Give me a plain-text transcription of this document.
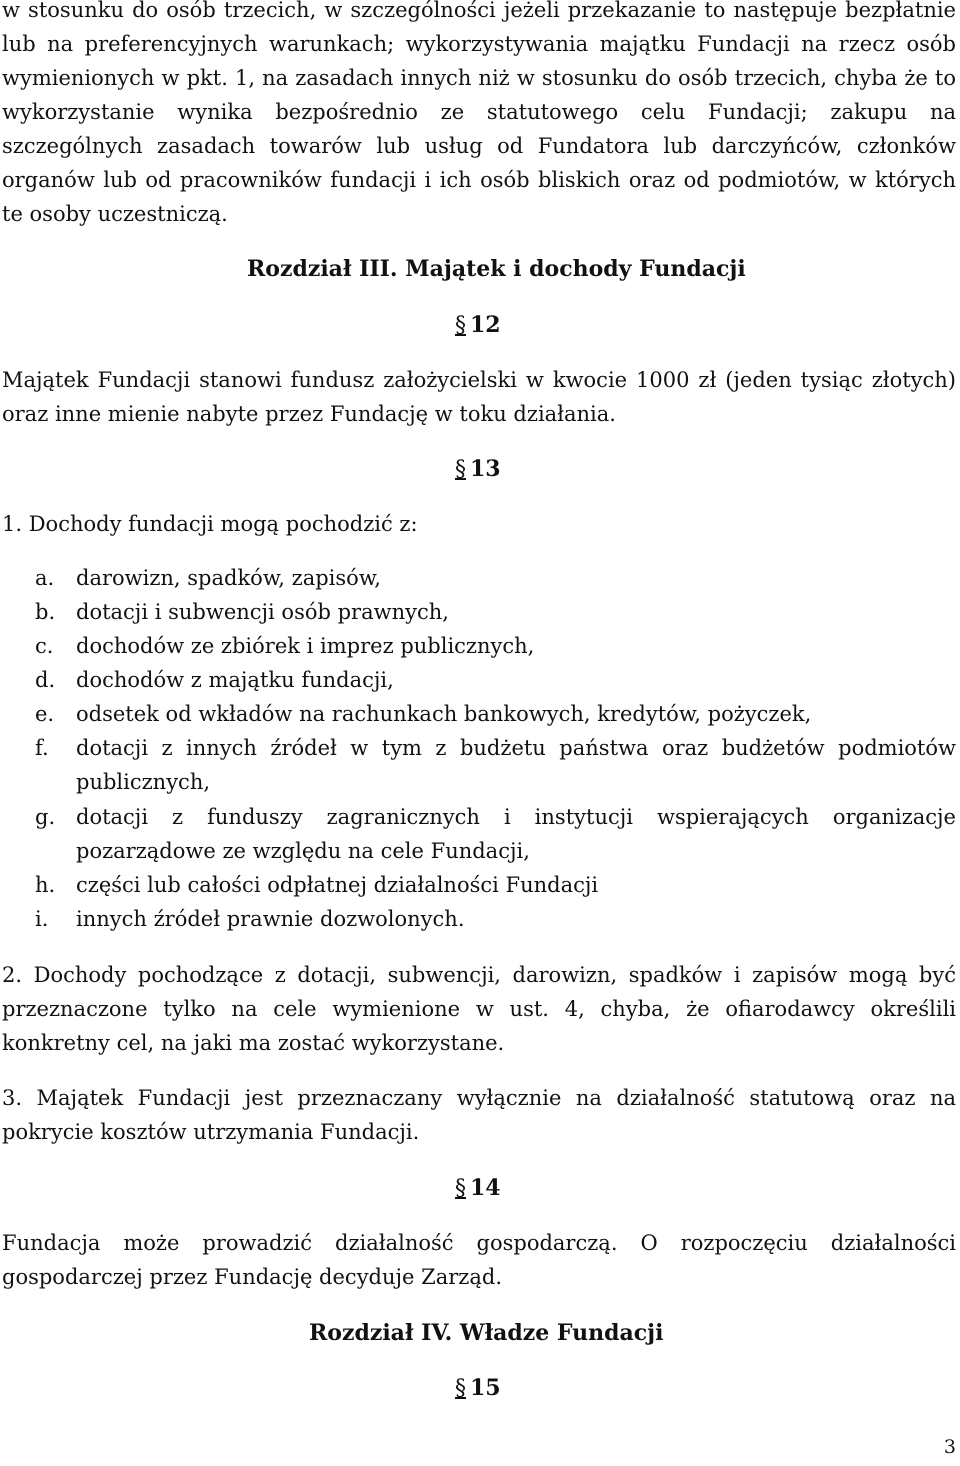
w stosunku do osób trzecich, w szczególności jeżeli przekazanie to następuje bezpłatnie
lub na preferencyjnych warunkach; wykorzystywania majątku Fundacji na rzecz osób
wymienionych w pkt. 1, na zasadach innych niż w stosunku do osób trzecich, chyba że to
wykorzystanie wynika bezpośrednio ze statutowego celu Fundacji; zakupu na
szczególnych zasadach towarów lub usług od Fundatora lub darczyńców, członków
organów lub od pracowników fundacji i ich osób bliskich oraz od podmiotów, w których
te osoby uczestniczą.
Rozdział III. Majątek i dochody Fundacji
§ 12
Majątek Fundacji stanowi fundusz założycielski w kwocie 1000 zł (jeden tysiąc złotych)
oraz inne mienie nabyte przez Fundację w toku działania.
§ 13
1. Dochody fundacji mogą pochodzić z:
a. darowizn, spadków, zapisów,
b. dotacji i subwencji osób prawnych,
c. dochodów ze zbiórek i imprez publicznych,
d. dochodów z majątku fundacji,
e. odsetek od wkładów na rachunkach bankowych, kredytów, pożyczek,
f. dotacji z innych źródeł w tym z budżetu państwa oraz budżetów podmiotów
publicznych,
g. dotacji z funduszy zagranicznych i instytucji wspierających organizacje
pozarządowe ze względu na cele Fundacji,
h. części lub całości odpłatnej działalności Fundacji
i. innych źródeł prawnie dozwolonych.
2. Dochody pochodzące z dotacji, subwencji, darowizn, spadków i zapisów mogą być
przeznaczone tylko na cele wymienione w ust. 4, chyba, że ofiarodawcy określili
konkretny cel, na jaki ma zostać wykorzystane.
3. Majątek Fundacji jest przeznaczany wyłącznie na działalność statutową oraz na
pokrycie kosztów utrzymania Fundacji.
§ 14
Fundacja może prowadzić działalność gospodarczą. O rozpoczęciu działalności
gospodarczej przez Fundację decyduje Zarząd.
Rozdział IV. Władze Fundacji
§ 15
3
